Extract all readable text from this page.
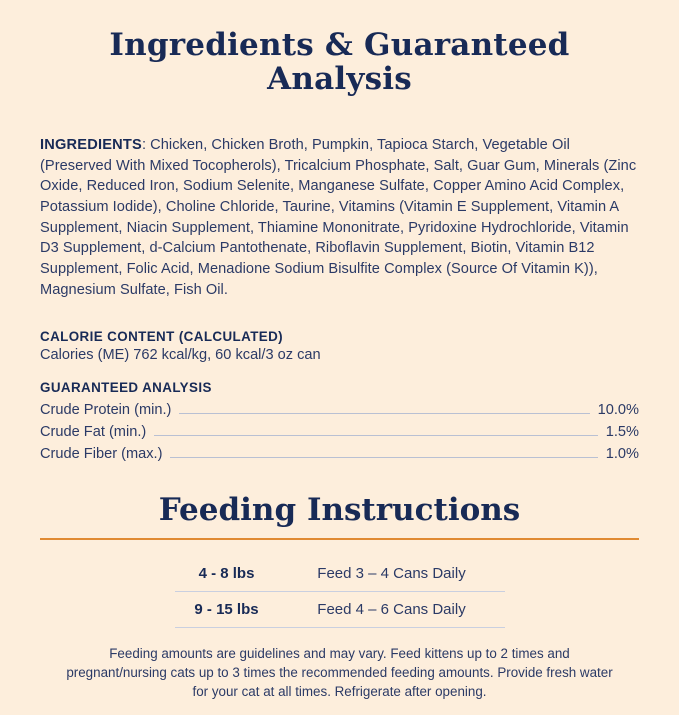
Ingredients & Guaranteed Analysis

INGREDIENTS: Chicken, Chicken Broth, Pumpkin, Tapioca Starch, Vegetable Oil (Preserved With Mixed Tocopherols), Tricalcium Phosphate, Salt, Guar Gum, Minerals (Zinc Oxide, Reduced Iron, Sodium Selenite, Manganese Sulfate, Copper Amino Acid Complex, Potassium Iodide), Choline Chloride, Taurine, Vitamins (Vitamin E Supplement, Vitamin A Supplement, Niacin Supplement, Thiamine Mononitrate, Pyridoxine Hydrochloride, Vitamin D3 Supplement, d-Calcium Pantothenate, Riboflavin Supplement, Biotin, Vitamin B12 Supplement, Folic Acid, Menadione Sodium Bisulfite Complex (Source Of Vitamin K)), Magnesium Sulfate, Fish Oil.

CALORIE CONTENT (CALCULATED)
Calories (ME) 762 kcal/kg, 60 kcal/3 oz can
GUARANTEED ANALYSIS
Crude Protein (min.)	10.0%
Crude Fat (min.)	1.5%
Crude Fiber (max.)	1.0%
Feeding Instructions
4 - 8 lbs	Feed 3 – 4 Cans Daily
9 - 15 lbs	Feed 4 – 6 Cans Daily

Feeding amounts are guidelines and may vary. Feed kittens up to 2 times and pregnant/nursing cats up to 3 times the recommended feeding amounts. Provide fresh water for your cat at all times. Refrigerate after opening.
